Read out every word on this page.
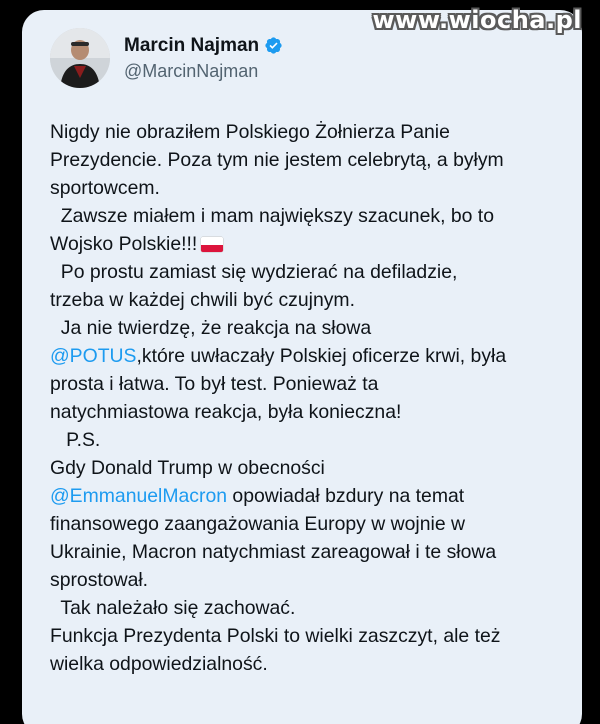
www.wiocha.pl
Marcin Najman
@MarcinNajman
Nigdy nie obraziłem Polskiego Żołnierza Panie
Prezydencie. Poza tym nie jestem celebrytą, a byłym
sportowcem.
Zawsze miałem i mam największy szacunek, bo to
Wojsko Polskie!!!
Po prostu zamiast się wydzierać na defiladzie,
trzeba w każdej chwili być czujnym.
Ja nie twierdzę, że reakcja na słowa
@POTUS,które uwłaczały Polskiej oficerze krwi, była
prosta i łatwa. To był test. Ponieważ ta
natychmiastowa reakcja, była konieczna!
P.S.
Gdy Donald Trump w obecności
@EmmanuelMacron opowiadał bzdury na temat
finansowego zaangażowania Europy w wojnie w
Ukrainie, Macron natychmiast zareagował i te słowa
sprostował.
Tak należało się zachować.
Funkcja Prezydenta Polski to wielki zaszczyt, ale też
wielka odpowiedzialność.
